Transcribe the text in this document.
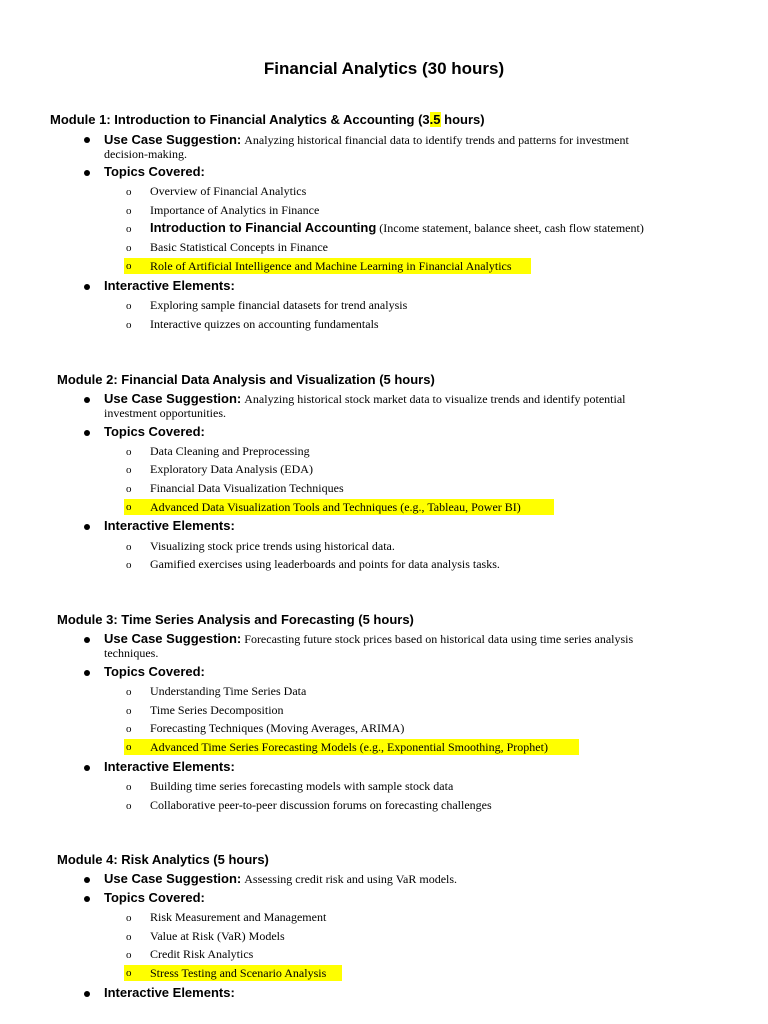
Financial Analytics (30 hours)
Module 1: Introduction to Financial Analytics & Accounting (3.5 hours)
Use Case Suggestion: Analyzing historical financial data to identify trends and patterns for investment
decision-making.
Topics Covered:
o Overview of Financial Analytics
o Importance of Analytics in Finance
o Introduction to Financial Accounting (Income statement, balance sheet, cash flow statement)
o Basic Statistical Concepts in Finance
o Role of Artificial Intelligence and Machine Learning in Financial Analytics
Interactive Elements:
o Exploring sample financial datasets for trend analysis
o Interactive quizzes on accounting fundamentals
Module 2: Financial Data Analysis and Visualization (5 hours)
Use Case Suggestion: Analyzing historical stock market data to visualize trends and identify potential
investment opportunities.
Topics Covered:
o Data Cleaning and Preprocessing
o Exploratory Data Analysis (EDA)
o Financial Data Visualization Techniques
o Advanced Data Visualization Tools and Techniques (e.g., Tableau, Power BI)
Interactive Elements:
o Visualizing stock price trends using historical data.
o Gamified exercises using leaderboards and points for data analysis tasks.
Module 3: Time Series Analysis and Forecasting (5 hours)
Use Case Suggestion: Forecasting future stock prices based on historical data using time series analysis
techniques.
Topics Covered:
o Understanding Time Series Data
o Time Series Decomposition
o Forecasting Techniques (Moving Averages, ARIMA)
o Advanced Time Series Forecasting Models (e.g., Exponential Smoothing, Prophet)
Interactive Elements:
o Building time series forecasting models with sample stock data
o Collaborative peer-to-peer discussion forums on forecasting challenges
Module 4: Risk Analytics (5 hours)
Use Case Suggestion: Assessing credit risk and using VaR models.
Topics Covered:
o Risk Measurement and Management
o Value at Risk (VaR) Models
o Credit Risk Analytics
o Stress Testing and Scenario Analysis
Interactive Elements:
